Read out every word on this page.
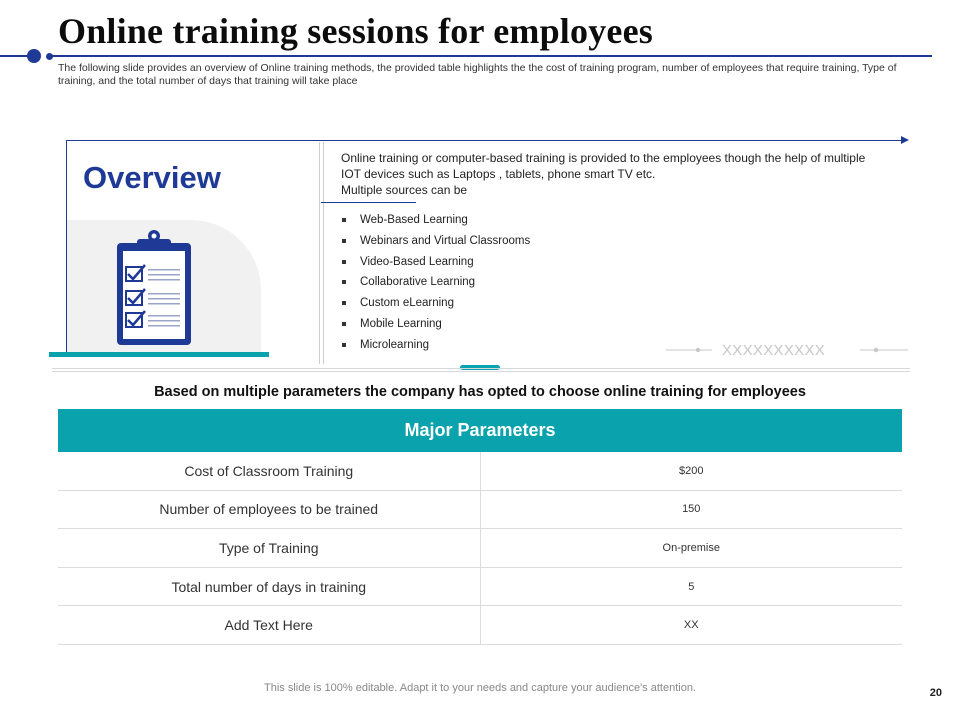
Online training sessions for employees

The following slide provides an overview of Online training methods, the provided table highlights the the cost of training program, number of employees that require training, Type of training, and the total number of days that training will take place

Overview

Online training or computer-based training is provided to the employees though the help of multiple IOT devices such as Laptops , tablets, phone smart TV etc.

Multiple sources can be

Web-Based Learning
Webinars and Virtual Classrooms
Video-Based Learning
Collaborative Learning
Custom eLearning
Mobile Learning
Microlearning	XXXXXXXXXX
Based on multiple parameters the company has opted to choose online training for employees
Major Parameters	
Cost of Classroom Training	$200
Number of employees to be trained	150
Type of Training	On-premise
Total number of days in training	5
Add Text Here	XX

This slide is 100% editable. Adapt it to your needs and capture your audience's attention.	20
